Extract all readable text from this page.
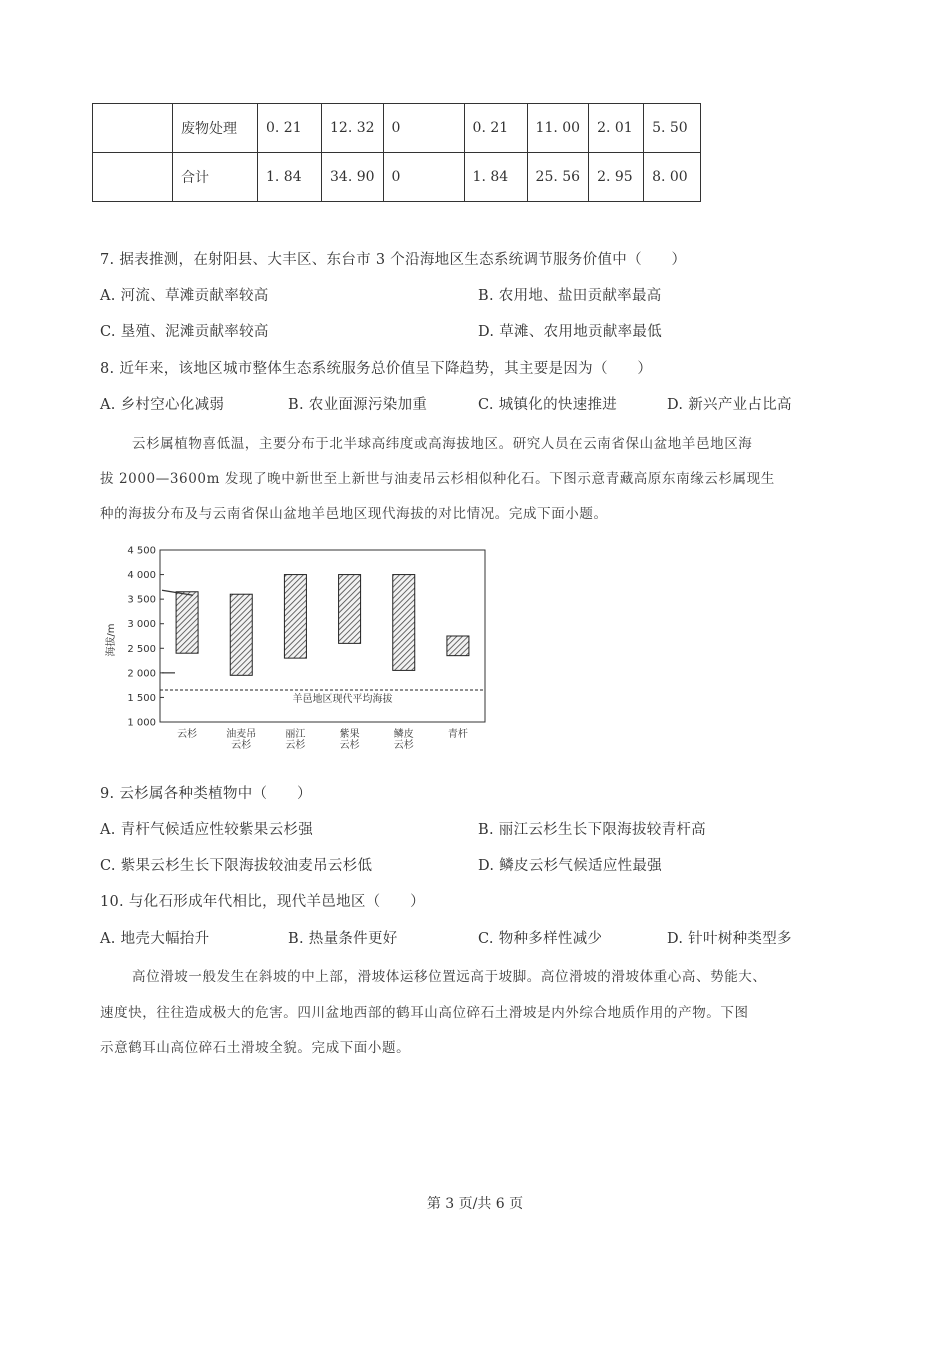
	废物处理	0. 21	12. 32	0	0. 21	11. 00	2. 01	5. 50
	合计	1. 84	34. 90	0	1. 84	25. 56	2. 95	8. 00
7. 据表推测，在射阳县、大丰区、东台市 3 个沿海地区生态系统调节服务价值中（　　）
A. 河流、草滩贡献率较高	B. 农用地、盐田贡献率最高
C. 垦殖、泥滩贡献率较高	D. 草滩、农用地贡献率最低
8. 近年来，该地区城市整体生态系统服务总价值呈下降趋势，其主要是因为（　　）
A. 乡村空心化减弱	B. 农业面源污染加重	C. 城镇化的快速推进	D. 新兴产业占比高
云杉属植物喜低温，主要分布于北半球高纬度或高海拔地区。研究人员在云南省保山盆地羊邑地区海
拔 2000—3600m 发现了晚中新世至上新世与油麦吊云杉相似种化石。下图示意青藏高原东南缘云杉属现生
种的海拔分布及与云南省保山盆地羊邑地区现代海拔的对比情况。完成下面小题。
1 000
1 500
2 000
2 500
3 000
3 500
4 000
4 500
云杉	油麦吊
云杉
丽江
云杉
紫果
云杉
鳞皮
云杉
青杆
羊邑地区现代平均海拔
海拔/m
9. 云杉属各种类植物中（　　）
A. 青杆气候适应性较紫果云杉强	B. 丽江云杉生长下限海拔较青杆高
C. 紫果云杉生长下限海拔较油麦吊云杉低	D. 鳞皮云杉气候适应性最强
10. 与化石形成年代相比，现代羊邑地区（　　）
A. 地壳大幅抬升	B. 热量条件更好	C. 物种多样性减少	D. 针叶树种类型多
高位滑坡一般发生在斜坡的中上部，滑坡体运移位置远高于坡脚。高位滑坡的滑坡体重心高、势能大、
速度快，往往造成极大的危害。四川盆地西部的鹤耳山高位碎石土滑坡是内外综合地质作用的产物。下图
示意鹤耳山高位碎石土滑坡全貌。完成下面小题。
第 3 页/共 6 页
